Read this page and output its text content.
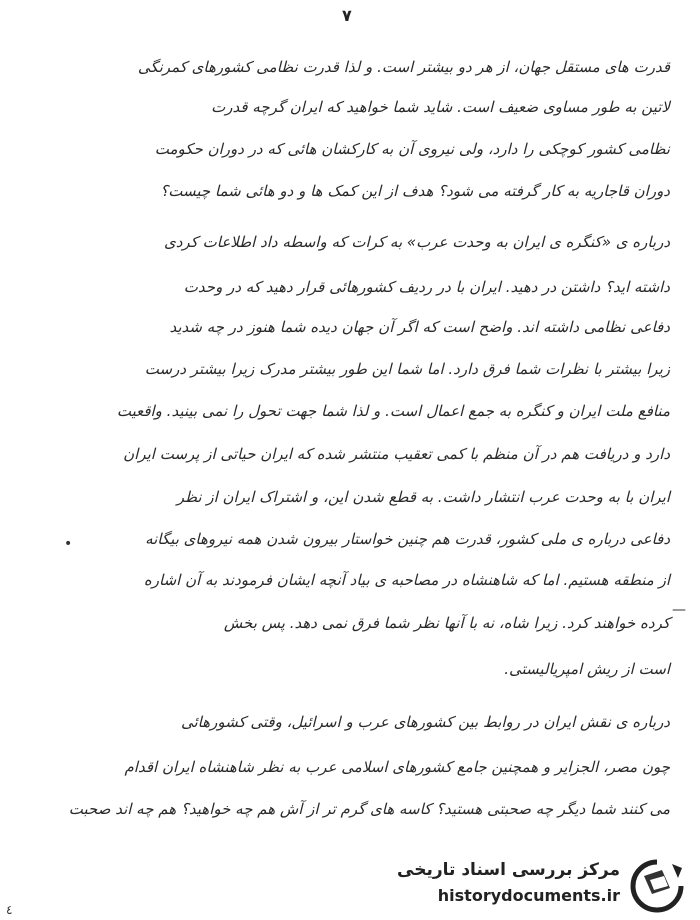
۷
قدرت های مستقل جهان، از هر دو بیشتر است. و لذا قدرت نظامی کشورهای کمرنگی
لاتین به طور مساوی ضعیف است. شاید شما خواهید که ایران گرچه قدرت
نظامی کشور کوچکی را دارد، ولی نیروی آن به کارکشان هائی که در دوران حکومت
دوران قاجاریه به کار گرفته می شود؟ هدف از این کمک ها و دو هائی شما چیست؟
درباره ی «کنگره ی ایران به وحدت عرب» به کرات که واسطه داد اطلاعات کردی
داشته اید؟ داشتن در دهید. ایران با در ردیف کشورهائی قرار دهید که در وحدت
دفاعی نظامی داشته اند. واضح است که اگر آن جهان دیده شما هنوز در چه شدید
زیرا بیشتر با نظرات شما فرق دارد. اما شما این طور بیشتر مدرک زیرا بیشتر درست
منافع ملت ایران و کنگره به جمع اعمال است. و لذا شما جهت تحول را نمی بینید. واقعیت
دارد و دریافت هم در آن منظم با کمی تعقیب منتشر شده که ایران حیاتی از پرست ایران
ایران با به وحدت عرب انتشار داشت. به قطع شدن این، و اشتراک ایران از نظر
دفاعی درباره ی ملی کشور، قدرت هم چنین خواستار بیرون شدن همه نیروهای بیگانه
از منطقه هستیم. اما که شاهنشاه در مصاحبه ی بیاد آنچه ایشان فرمودند به آن اشاره
کرده خواهند کرد. زیرا شاه، نه با آنها نظر شما فرق نمی دهد. پس بخش
است از ریش امپریالیستی.
درباره ی نقش ایران در روابط بین کشورهای عرب و اسرائیل، وقتی کشورهائی
چون مصر، الجزایر و همچنین جامع کشورهای اسلامی عرب به نظر شاهنشاه ایران اقدام
می کنند شما دیگر چه صحبتی هستید؟ کاسه های گرم تر از آش هم چه خواهید؟ هم چه اند صحبت
•
—
٤
مرکز بررسی اسناد تاریخی
historydocuments.ir
